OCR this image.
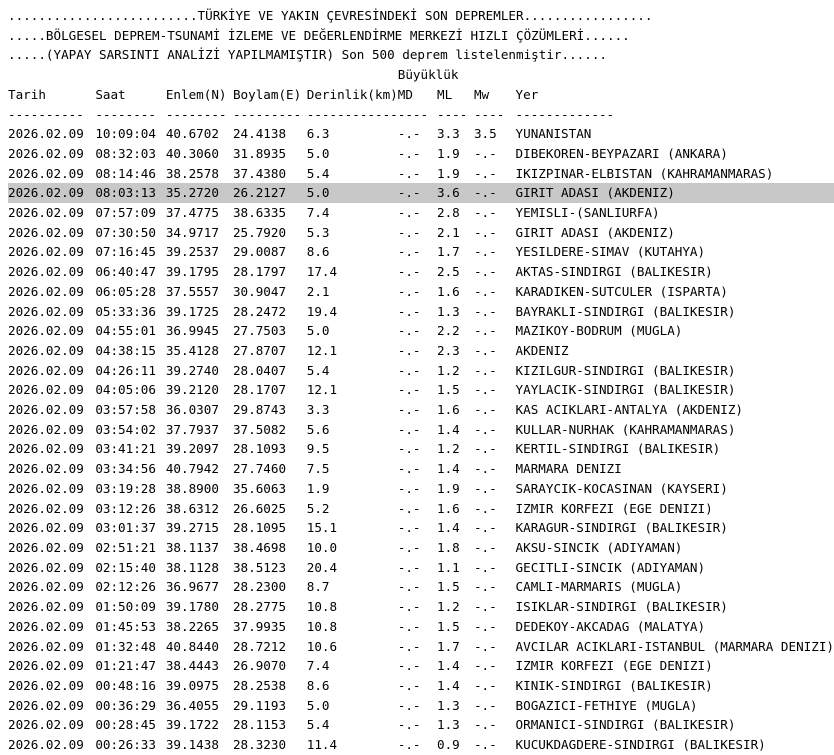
.........................TÜRKİYE VE YAKIN ÇEVRESİNDEKİ SON DEPREMLER.................
.....BÖLGESEL DEPREM-TSUNAMİ İZLEME VE DEĞERLENDİRME MERKEZİ HIZLI ÇÖZÜMLERİ......
.....(YAPAY SARSINTI ANALİZİ YAPILMAMIŞTIR) Son 500 deprem listelenmiştir......
					Büyüklük			
Tarih	Saat	Enlem(N)	Boylam(E)	Derinlik(km)	MD	ML	Mw	Yer
----------	--------	--------	---------	------------	----	----	----	-------------
2026.02.09	10:09:04	40.6702	24.4138	6.3	-.-	3.3	3.5	YUNANISTAN
2026.02.09	08:32:03	40.3060	31.8935	5.0	-.-	1.9	-.-	DIBEKOREN-BEYPAZARI (ANKARA)
2026.02.09	08:14:46	38.2578	37.4380	5.4	-.-	1.9	-.-	IKIZPINAR-ELBISTAN (KAHRAMANMARAS)
2026.02.09	08:03:13	35.2720	26.2127	5.0	-.-	3.6	-.-	GIRIT ADASI (AKDENIZ)
2026.02.09	07:57:09	37.4775	38.6335	7.4	-.-	2.8	-.-	YEMISLI-(SANLIURFA)
2026.02.09	07:30:50	34.9717	25.7920	5.3	-.-	2.1	-.-	GIRIT ADASI (AKDENIZ)
2026.02.09	07:16:45	39.2537	29.0087	8.6	-.-	1.7	-.-	YESILDERE-SIMAV (KUTAHYA)
2026.02.09	06:40:47	39.1795	28.1797	17.4	-.-	2.5	-.-	AKTAS-SINDIRGI (BALIKESIR)
2026.02.09	06:05:28	37.5557	30.9047	2.1	-.-	1.6	-.-	KARADIKEN-SUTCULER (ISPARTA)
2026.02.09	05:33:36	39.1725	28.2472	19.4	-.-	1.3	-.-	BAYRAKLI-SINDIRGI (BALIKESIR)
2026.02.09	04:55:01	36.9945	27.7503	5.0	-.-	2.2	-.-	MAZIKOY-BODRUM (MUGLA)
2026.02.09	04:38:15	35.4128	27.8707	12.1	-.-	2.3	-.-	AKDENIZ
2026.02.09	04:26:11	39.2740	28.0407	5.4	-.-	1.2	-.-	KIZILGUR-SINDIRGI (BALIKESIR)
2026.02.09	04:05:06	39.2120	28.1707	12.1	-.-	1.5	-.-	YAYLACIK-SINDIRGI (BALIKESIR)
2026.02.09	03:57:58	36.0307	29.8743	3.3	-.-	1.6	-.-	KAS ACIKLARI-ANTALYA (AKDENIZ)
2026.02.09	03:54:02	37.7937	37.5082	5.6	-.-	1.4	-.-	KULLAR-NURHAK (KAHRAMANMARAS)
2026.02.09	03:41:21	39.2097	28.1093	9.5	-.-	1.2	-.-	KERTIL-SINDIRGI (BALIKESIR)
2026.02.09	03:34:56	40.7942	27.7460	7.5	-.-	1.4	-.-	MARMARA DENIZI
2026.02.09	03:19:28	38.8900	35.6063	1.9	-.-	1.9	-.-	SARAYCIK-KOCASINAN (KAYSERI)
2026.02.09	03:12:26	38.6312	26.6025	5.2	-.-	1.6	-.-	IZMIR KORFEZI (EGE DENIZI)
2026.02.09	03:01:37	39.2715	28.1095	15.1	-.-	1.4	-.-	KARAGUR-SINDIRGI (BALIKESIR)
2026.02.09	02:51:21	38.1137	38.4698	10.0	-.-	1.8	-.-	AKSU-SINCIK (ADIYAMAN)
2026.02.09	02:15:40	38.1128	38.5123	20.4	-.-	1.1	-.-	GECITLI-SINCIK (ADIYAMAN)
2026.02.09	02:12:26	36.9677	28.2300	8.7	-.-	1.5	-.-	CAMLI-MARMARIS (MUGLA)
2026.02.09	01:50:09	39.1780	28.2775	10.8	-.-	1.2	-.-	ISIKLAR-SINDIRGI (BALIKESIR)
2026.02.09	01:45:53	38.2265	37.9935	10.8	-.-	1.5	-.-	DEDEKOY-AKCADAG (MALATYA)
2026.02.09	01:32:48	40.8440	28.7212	10.6	-.-	1.7	-.-	AVCILAR ACIKLARI-ISTANBUL (MARMARA DENIZI)
2026.02.09	01:21:47	38.4443	26.9070	7.4	-.-	1.4	-.-	IZMIR KORFEZI (EGE DENIZI)
2026.02.09	00:48:16	39.0975	28.2538	8.6	-.-	1.4	-.-	KINIK-SINDIRGI (BALIKESIR)
2026.02.09	00:36:29	36.4055	29.1193	5.0	-.-	1.3	-.-	BOGAZICI-FETHIYE (MUGLA)
2026.02.09	00:28:45	39.1722	28.1153	5.4	-.-	1.3	-.-	ORMANICI-SINDIRGI (BALIKESIR)
2026.02.09	00:26:33	39.1438	28.3230	11.4	-.-	0.9	-.-	KUCUKDAGDERE-SINDIRGI (BALIKESIR)
